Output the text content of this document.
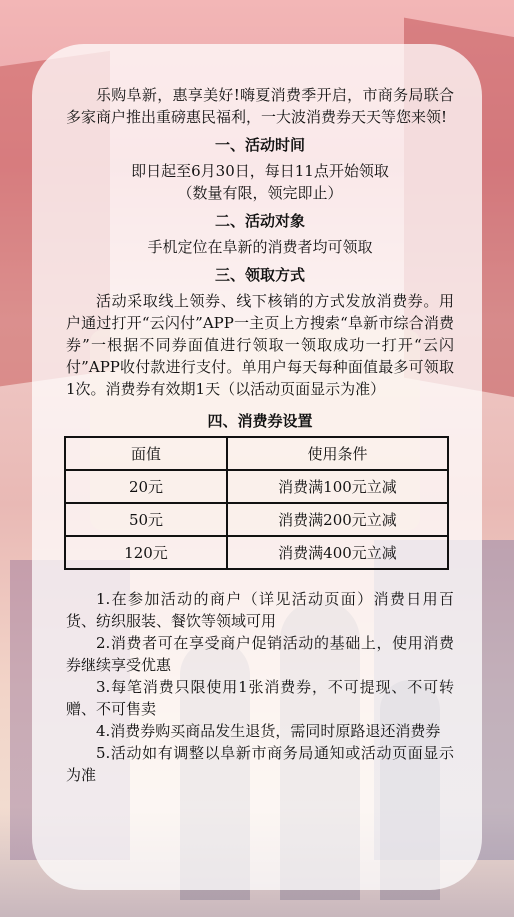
乐购阜新，惠享美好!嗨夏消费季开启，市商务局联合多家商户推出重磅惠民福利，一大波消费券天天等您来领!

一、活动时间

即日起至6月30日，每日11点开始领取

（数量有限，领完即止）

二、活动对象

手机定位在阜新的消费者均可领取

三、领取方式

活动采取线上领券、线下核销的方式发放消费券。用户通过打开“云闪付”APP一主页上方搜索“阜新市综合消费券”一根据不同券面值进行领取一领取成功一打开“云闪付”APP收付款进行支付。单用户每天每种面值最多可领取1次。消费券有效期1天（以活动页面显示为准）

四、消费券设置
面值	使用条件
20元	消费满100元立减
50元	消费满200元立减
120元	消费满400元立减

1.在参加活动的商户（详见活动页面）消费日用百货、纺织服装、餐饮等领域可用

2.消费者可在享受商户促销活动的基础上，使用消费券继续享受优惠

3.每笔消费只限使用1张消费券，不可提现、不可转赠、不可售卖

4.消费券购买商品发生退货，需同时原路退还消费券

5.活动如有调整以阜新市商务局通知或活动页面显示为准
